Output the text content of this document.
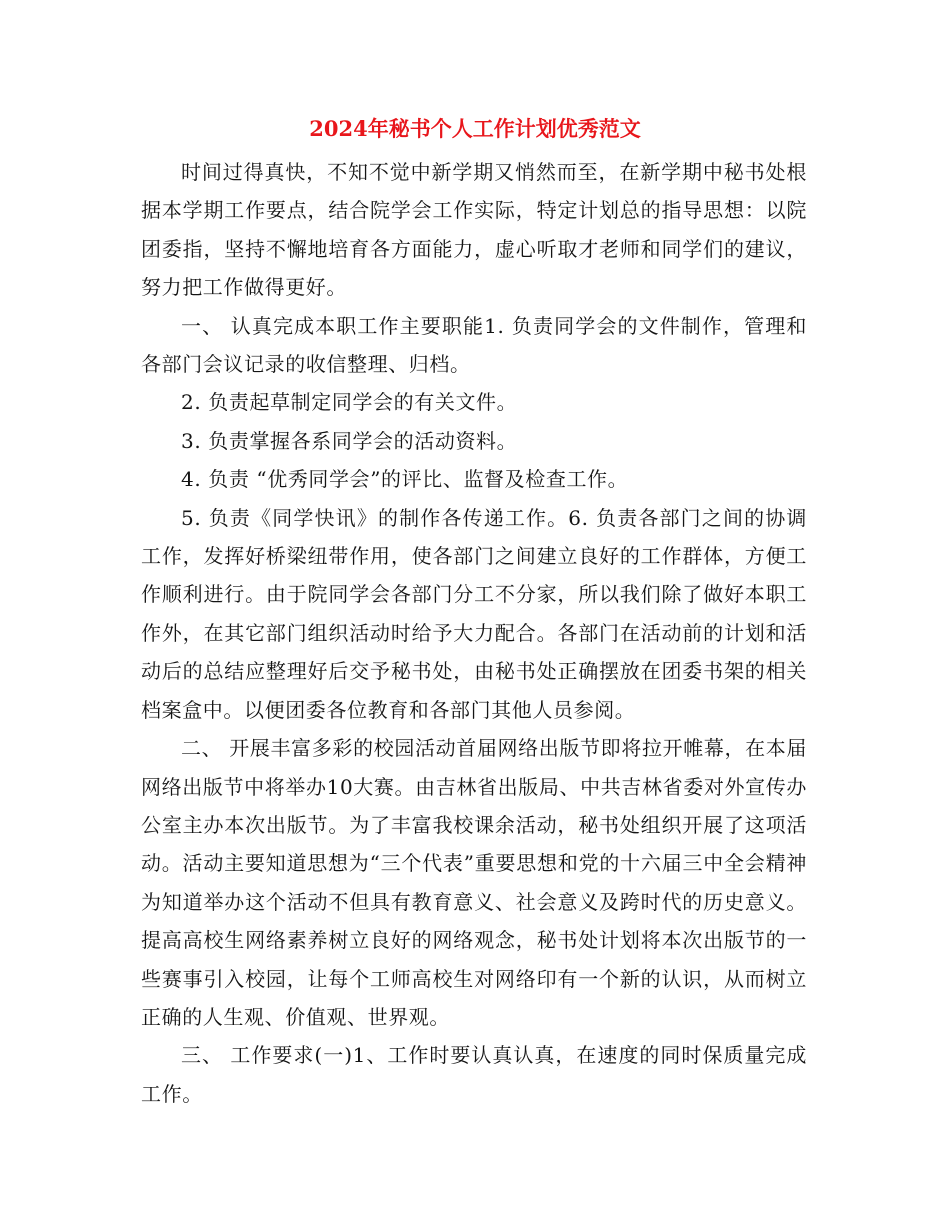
2024年秘书个人工作计划优秀范文

时间过得真快，不知不觉中新学期又悄然而至，在新学期中秘书处根据本学期工作要点，结合院学会工作实际，特定计划总的指导思想：以院团委指，坚持不懈地培育各方面能力，虚心听取才老师和同学们的建议，努力把工作做得更好。

一、 认真完成本职工作主要职能1. 负责同学会的文件制作，管理和各部门会议记录的收信整理、归档。

2. 负责起草制定同学会的有关文件。

3. 负责掌握各系同学会的活动资料。

4. 负责 “优秀同学会”的评比、监督及检查工作。

5. 负责《同学快讯》的制作各传递工作。6. 负责各部门之间的协调工作，发挥好桥梁纽带作用，使各部门之间建立良好的工作群体，方便工作顺利进行。由于院同学会各部门分工不分家，所以我们除了做好本职工作外，在其它部门组织活动时给予大力配合。各部门在活动前的计划和活动后的总结应整理好后交予秘书处，由秘书处正确摆放在团委书架的相关档案盒中。以便团委各位教育和各部门其他人员参阅。

二、 开展丰富多彩的校园活动首届网络出版节即将拉开帷幕，在本届网络出版节中将举办10大赛。由吉林省出版局、中共吉林省委对外宣传办公室主办本次出版节。为了丰富我校课余活动，秘书处组织开展了这项活动。活动主要知道思想为“三个代表”重要思想和党的十六届三中全会精神为知道举办这个活动不但具有教育意义、社会意义及跨时代的历史意义。提高高校生网络素养树立良好的网络观念，秘书处计划将本次出版节的一些赛事引入校园，让每个工师高校生对网络印有一个新的认识，从而树立正确的人生观、价值观、世界观。

三、 工作要求(一)1、工作时要认真认真，在速度的同时保质量完成工作。
